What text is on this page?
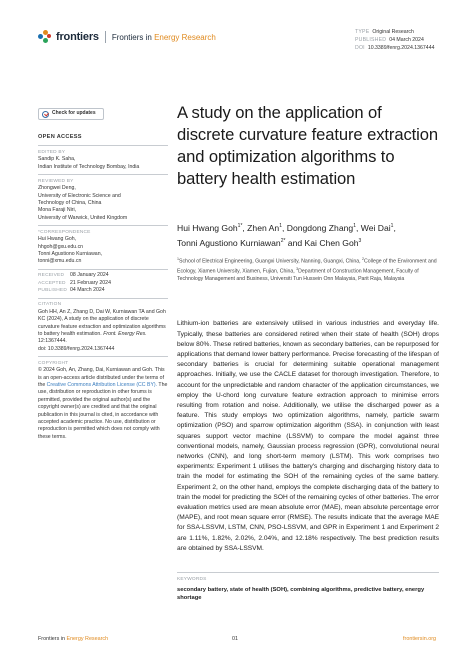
frontiers Frontiers in Energy Research
TYPE Original Research
PUBLISHED 04 March 2024
DOI 10.3389/fenrg.2024.1367444
Check for updates
OPEN ACCESS
EDITED BY
Sandip K. Saha,
Indian Institute of Technology Bombay, India
REVIEWED BY
Zhongwei Deng,
University of Electronic Science and
Technology of China, China
Mona Faraji Niri,
University of Warwick, United Kingdom
*CORRESPONDENCE
Hui Hwang Goh,
hhgoh@gxu.edu.cn
Tonni Agustiono Kurniawan,
tonni@xmu.edu.cn
RECEIVED 08 January 2024
ACCEPTED 21 February 2024
PUBLISHED 04 March 2024
CITATION
Goh HH, An Z, Zhang D, Dai W, Kurniawan TA and Goh KC (2024), A study on the application of discrete curvature feature extraction and optimization algorithms to battery health estimation. Front. Energy Res. 12:1367444.
doi: 10.3389/fenrg.2024.1367444
COPYRIGHT
© 2024 Goh, An, Zhang, Dai, Kurniawan and Goh. This is an open-access article distributed under the terms of the Creative Commons Attribution License (CC BY). The use, distribution or reproduction in other forums is permitted, provided the original author(s) and the copyright owner(s) are credited and that the original publication in this journal is cited, in accordance with accepted academic practice. No use, distribution or reproduction is permitted which does not comply with these terms.
A study on the application of discrete curvature feature extraction and optimization algorithms to battery health estimation
Hui Hwang Goh$^{1*}$, Zhen An$^1$, Dongdong Zhang$^1$, Wei Dai$^1$,
Tonni Agustiono Kurniawan$^{2*}$ and Kai Chen Goh$^3$
$^1$School of Electrical Engineering, Guangxi University, Nanning, Guangxi, China, $^2$College of the Environment and Ecology, Xiamen University, Xiamen, Fujian, China, $^3$Department of Construction Management, Faculty of Technology Management and Business, Universiti Tun Hussein Onn Malaysia, Parit Raja, Malaysia

Lithium-ion batteries are extensively utilised in various industries and everyday life. Typically, these batteries are considered retired when their state of health (SOH) drops below 80%. These retired batteries, known as secondary batteries, can be repurposed for applications that demand lower battery performance. Precise forecasting of the lifespan of secondary batteries is crucial for determining suitable operational management approaches. Initially, we use the CACLE dataset for thorough investigation. Therefore, to account for the unpredictable and random character of the application circumstances, we employ the U-chord long curvature feature extraction approach to minimise errors resulting from rotation and noise. Additionally, we utilise the discharged power as a feature. This study employs two optimization algorithms, namely, particle swarm optimization (PSO) and sparrow optimization algorithm (SSA). in conjunction with least squares support vector machine (LSSVM) to compare the model against three conventional models, namely, Gaussian process regression (GPR), convolutional neural networks (CNN), and long short-term memory (LSTM). This work comprises two experiments: Experiment 1 utilises the battery's charging and discharging history data to train the model for estimating the SOH of the remaining cycles of the same battery. Experiment 2, on the other hand, employs the complete discharging data of the battery to train the model for predicting the SOH of the remaining cycles of other batteries. The error evaluation metrics used are mean absolute error (MAE), mean absolute percentage error (MAPE), and root mean square error (RMSE). The results indicate that the average MAE for SSA-LSSVM, LSTM, CNN, PSO-LSSVM, and GPR in Experiment 1 and Experiment 2 are 1.11%, 1.82%, 2.02%, 2.04%, and 12.18% respectively. The best prediction results are obtained by SSA-LSSVM.

KEYWORDS
secondary battery, state of health (SOH), combining algorithms, predictive battery, energy shortage
Frontiers in Energy Research	01	frontiersin.org
